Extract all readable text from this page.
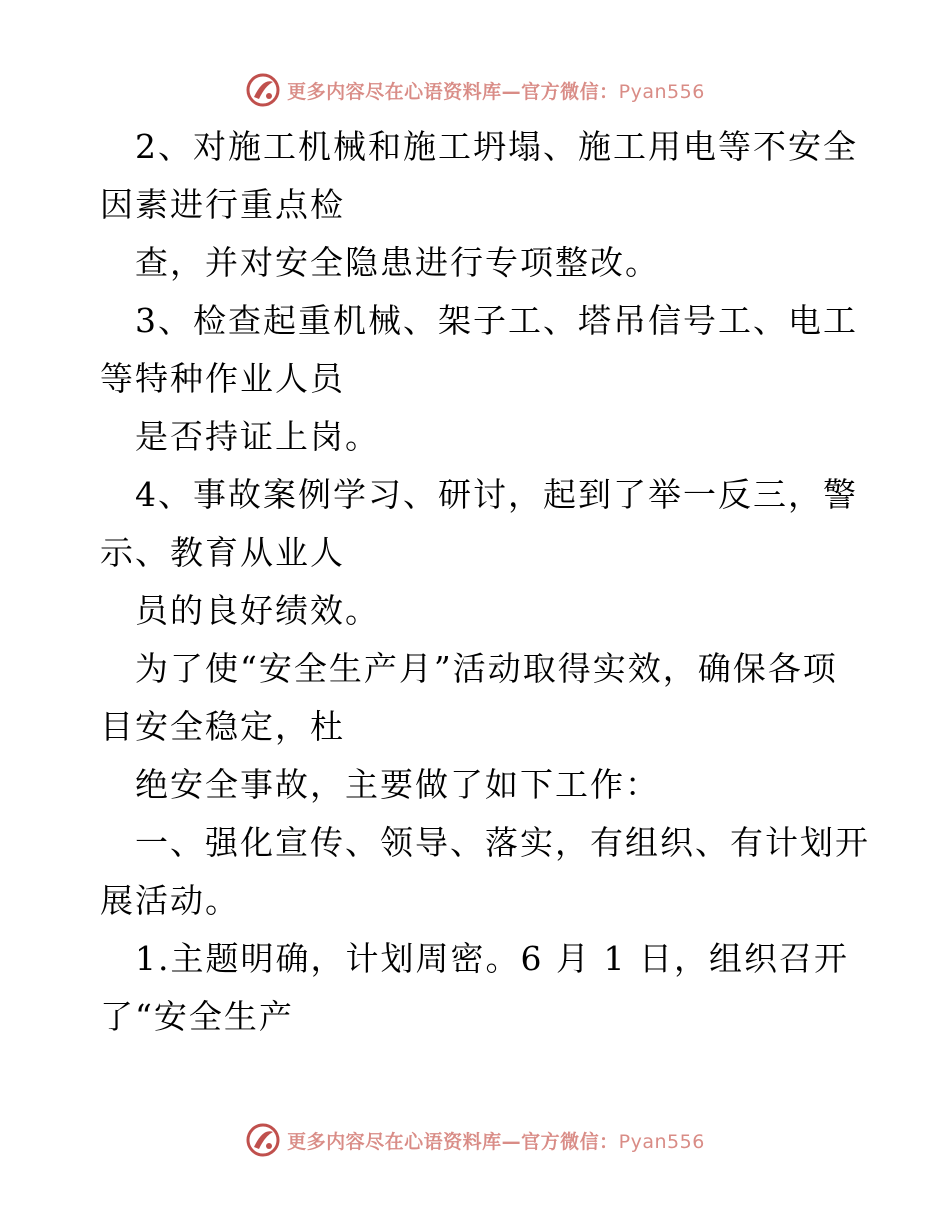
更多内容尽在心语资料库—官方微信：Pyan556
2、对施工机械和施工坍塌、施工用电等不安全
因素进行重点检
查，并对安全隐患进行专项整改。
3、检查起重机械、架子工、塔吊信号工、电工
等特种作业人员
是否持证上岗。
4、事故案例学习、研讨，起到了举一反三，警
示、教育从业人
员的良好绩效。
为了使“安全生产月”活动取得实效，确保各项
目安全稳定，杜
绝安全事故，主要做了如下工作：
一、强化宣传、领导、落实，有组织、有计划开
展活动。
1.主题明确，计划周密。6 月 1 日，组织召开
了“安全生产
更多内容尽在心语资料库—官方微信：Pyan556
